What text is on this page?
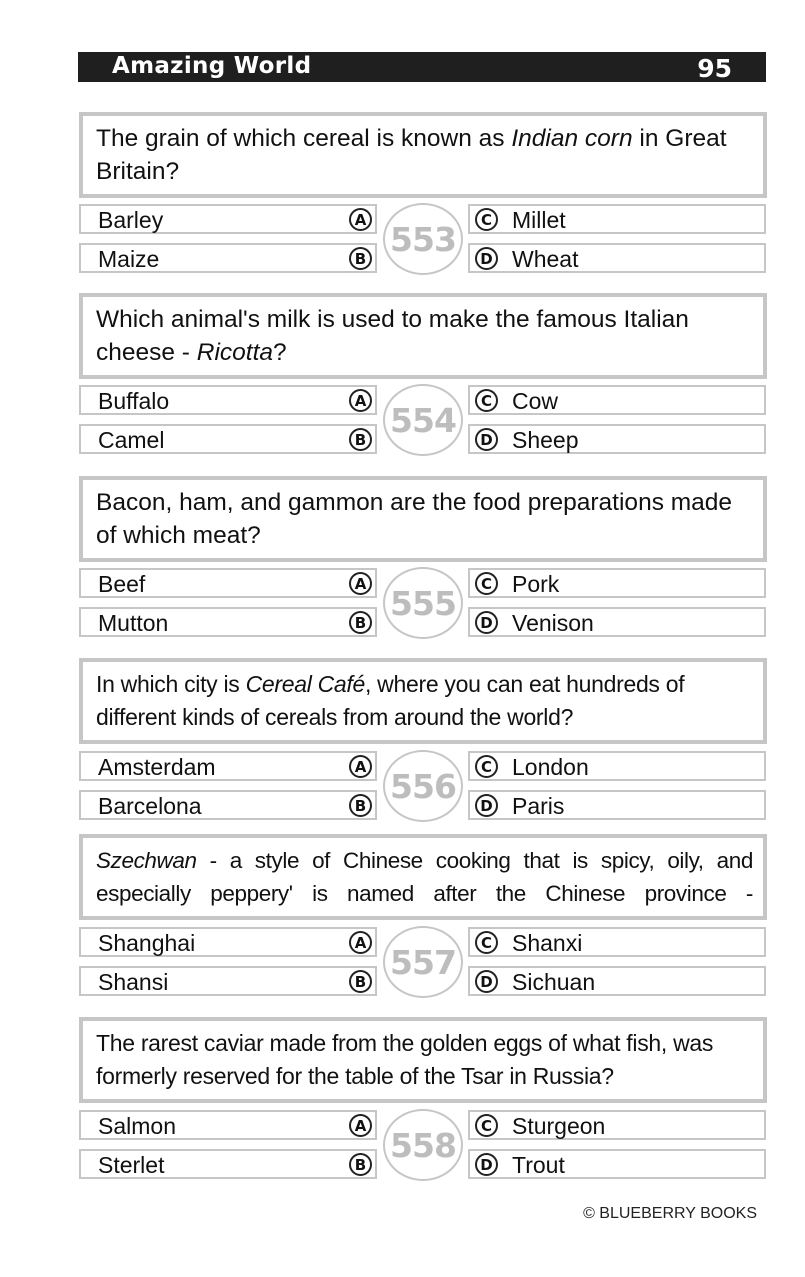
Amazing World	95
The grain of which cereal is known as Indian corn in Great Britain?
Barley	A
Maize	B
C Millet
D Wheat
553
Which animal's milk is used to make the famous Italian cheese - Ricotta?
Buffalo	A
Camel	B
C Cow
D Sheep
554
Bacon, ham, and gammon are the food preparations made of which meat?
Beef	A
Mutton	B
C Pork
D Venison
555
In which city is Cereal Café, where you can eat hundreds of different kinds of cereals from around the world?
Amsterdam	A
Barcelona	B
C London
D Paris
556
Szechwan - a style of Chinese cooking that is spicy, oily, and especially peppery' is named after the Chinese province -
Shanghai	A
Shansi	B
C Shanxi
D Sichuan
557
The rarest caviar made from the golden eggs of what fish, was formerly reserved for the table of the Tsar in Russia?
Salmon	A
Sterlet	B
C Sturgeon
D Trout
558
© BLUEBERRY BOOKS
